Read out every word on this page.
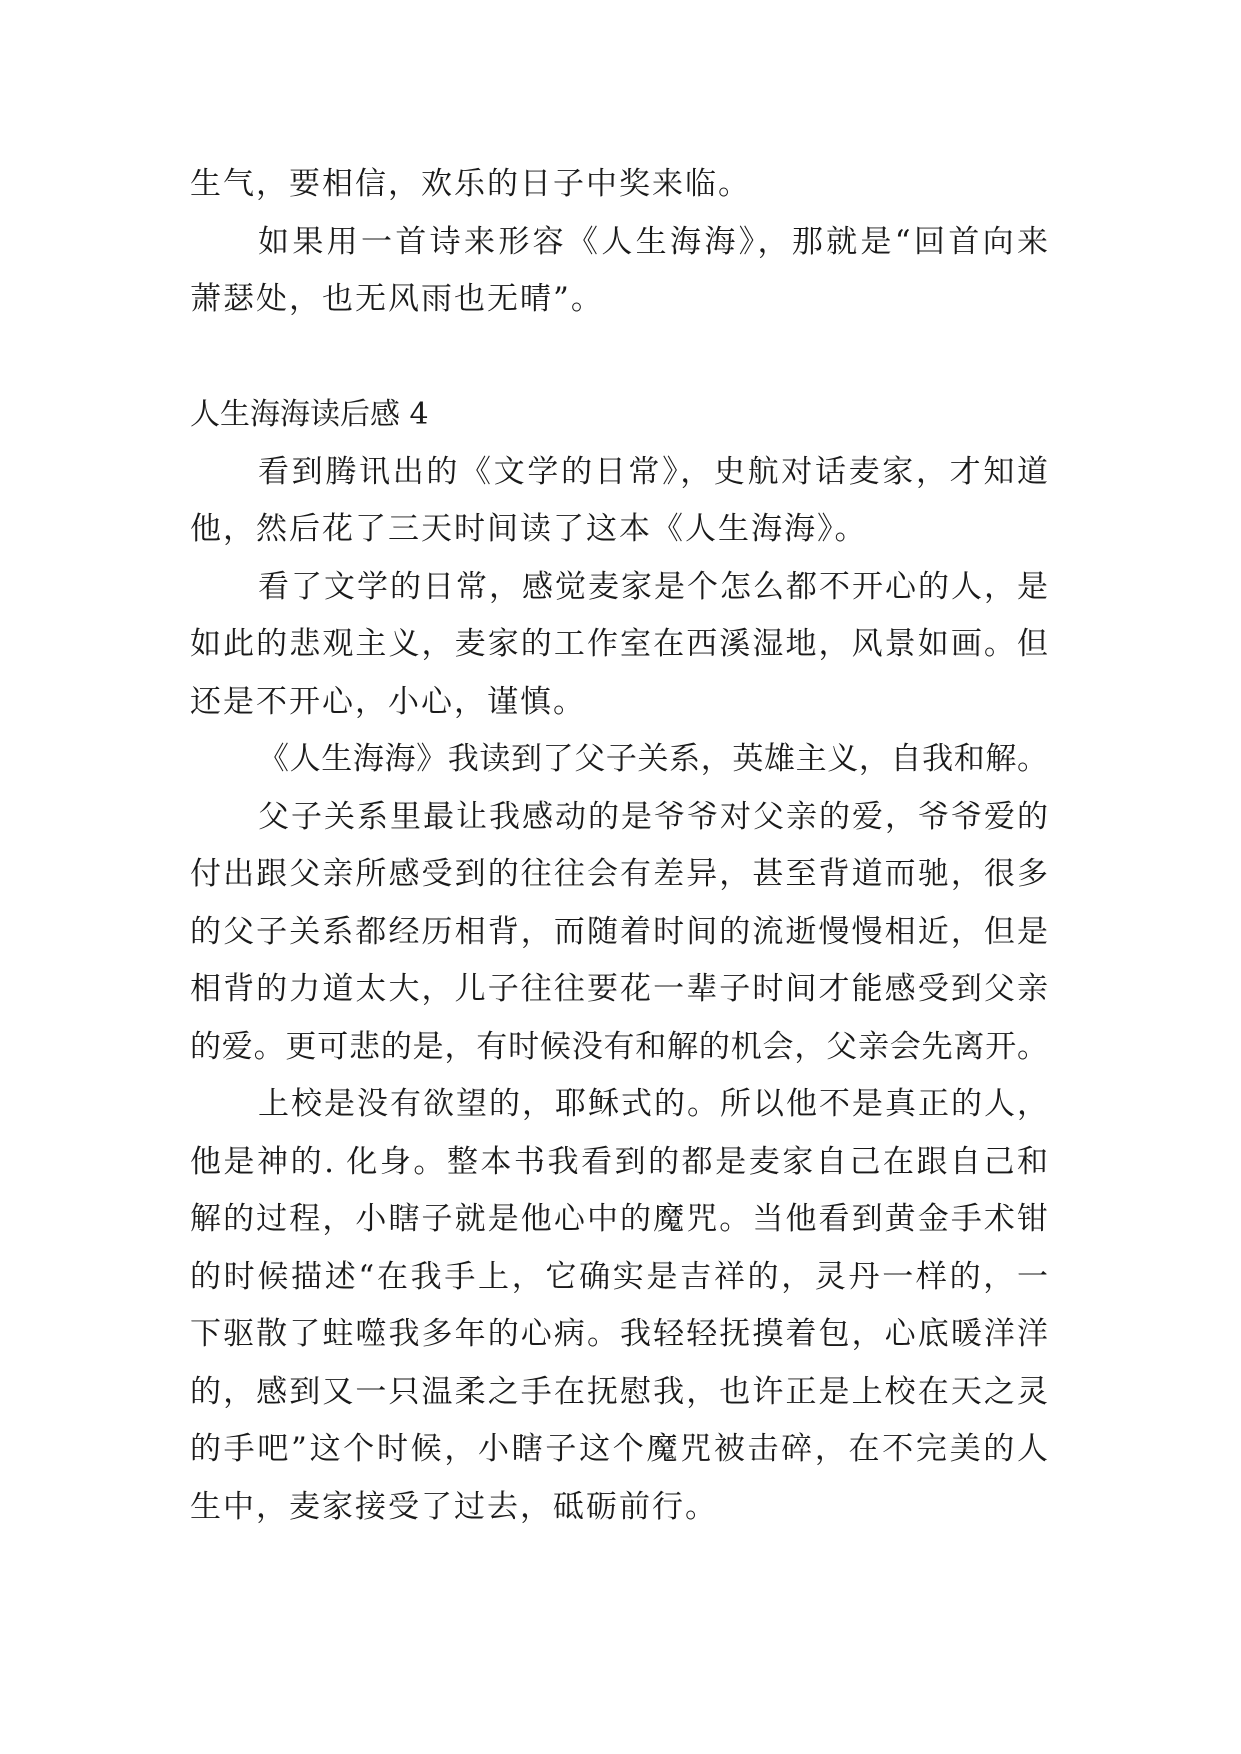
生气，要相信，欢乐的日子中奖来临。
如果用一首诗来形容《人生海海》，那就是“回首向来
萧瑟处，也无风雨也无晴”。
人生海海读后感 4
看到腾讯出的《文学的日常》，史航对话麦家，才知道
他，然后花了三天时间读了这本《人生海海》。
看了文学的日常，感觉麦家是个怎么都不开心的人，是
如此的悲观主义，麦家的工作室在西溪湿地，风景如画。但
还是不开心，小心，谨慎。
《人生海海》我读到了父子关系，英雄主义，自我和解。
父子关系里最让我感动的是爷爷对父亲的爱，爷爷爱的
付出跟父亲所感受到的往往会有差异，甚至背道而驰，很多
的父子关系都经历相背，而随着时间的流逝慢慢相近，但是
相背的力道太大，儿子往往要花一辈子时间才能感受到父亲
的爱。更可悲的是，有时候没有和解的机会，父亲会先离开。
上校是没有欲望的，耶稣式的。所以他不是真正的人，
他是神的. 化身。整本书我看到的都是麦家自己在跟自己和
解的过程，小瞎子就是他心中的魔咒。当他看到黄金手术钳
的时候描述“在我手上，它确实是吉祥的，灵丹一样的，一
下驱散了蛀噬我多年的心病。我轻轻抚摸着包，心底暖洋洋
的，感到又一只温柔之手在抚慰我，也许正是上校在天之灵
的手吧”这个时候，小瞎子这个魔咒被击碎，在不完美的人
生中，麦家接受了过去，砥砺前行。
